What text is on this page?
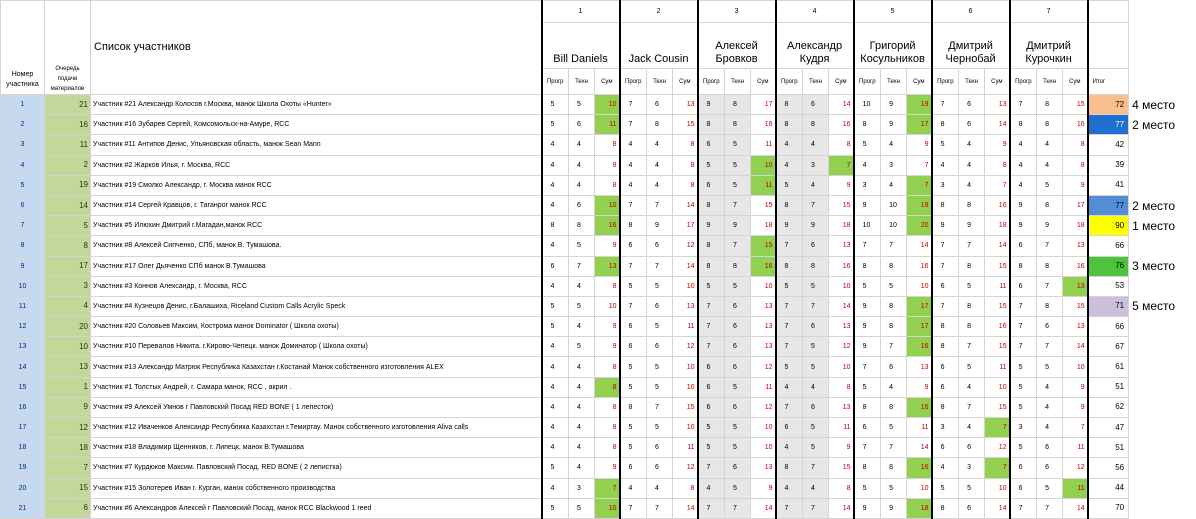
Номер участника	Очередь подачи материалов	Список участников	1			2			3			4			5			6			7				
			Bill Daniels			Jack Cousin			Алексей Бровков			Александр Кудря			Григорий Косульников			Дмитрий Чернобай			Дмитрий Курочкин				
			Прогр	Техн	Сум	Прогр	Техн	Сум	Прогр	Техн	Сум	Прогр	Техн	Сум	Прогр	Техн	Сум	Прогр	Техн	Сум	Прогр	Техн	Сум	Итог	
1	21	Участник #21 Александр Колосов г.Москва, манок Школа Охоты «Hunter»	5	5	10	7	6	13	9	8	17	8	6	14	10	9	19	7	6	13	7	8	15	72	4 место
2	16	Участник #16 Зубарев Сергей, Комсомольск-на-Амуре, RCC	5	6	11	7	8	15	8	8	16	8	8	16	8	9	17	8	6	14	8	8	16	77	2 место
3	11	Участник #11 Антипов Денис, Ульяновская область, манок Sean Mann	4	4	8	4	4	8	6	5	11	4	4	8	5	4	9	5	4	9	4	4	8	42	
4	2	Участник #2 Жарков Илья, г. Москва, RCC	4	4	8	4	4	8	5	5	10	4	3	7	4	3	7	4	4	8	4	4	8	39	
5	19	Участник #19 Смолко Александр, г. Москва манок RCC	4	4	8	4	4	8	6	5	11	5	4	9	3	4	7	3	4	7	4	5	9	41	
6	14	Участник #14 Сергей Кравцов, г. Таганрог манок RCC	4	6	10	7	7	14	8	7	15	8	7	15	9	10	19	8	8	16	9	8	17	77	2 место
7	5	Участник #5 Илюхин Дмитрий г.Магадан,манок RCC	8	8	16	8	9	17	9	9	18	9	9	18	10	10	20	9	9	18	9	9	18	90	1 место
8	8	Участник #8 Алексей Сипченко, СПб, манок В. Тумашова.	4	5	9	6	6	12	8	7	15	7	6	13	7	7	14	7	7	14	6	7	13	66	
9	17	Участник #17 Олег Дьяченко СПб манок В.Тумашова	6	7	13	7	7	14	8	8	16	8	8	16	8	8	16	7	8	15	8	8	16	76	3 место
10	3	Участник #3 Коннов Александр, г. Москва, RCC	4	4	8	5	5	10	5	5	10	5	5	10	5	5	10	6	5	11	6	7	13	53	
11	4	Участник #4 Кузнецов Денис, г.Балашиха, Riceland Custom Calls Acrylic Speck	5	5	10	7	6	13	7	6	13	7	7	14	9	8	17	7	8	15	7	8	15	71	5 место
12	20	Участник #20 Соловьев Максим, Кострома манок Dominator ( Школа охоты)	5	4	9	6	5	11	7	6	13	7	6	13	9	8	17	8	8	16	7	6	13	66	
13	10	Участник #10 Перевалов Никита. г.Кирово-Чепецк. манок Доминатор ( Школа охоты)	4	5	9	6	6	12	7	6	13	7	5	12	9	7	16	8	7	15	7	7	14	67	
14	13	Участник #13 Александр Матрюк Республика Казахстан г.Костанай Манок собственного изготовления ALEX	4	4	8	5	5	10	6	6	12	5	5	10	7	6	13	6	5	11	5	5	10	61	
15	1	Участник #1 Толстых Андрей, г. Самара манок, RCC , акрил .	4	4	8	5	5	10	6	5	11	4	4	8	5	4	9	6	4	10	5	4	9	51	
16	9	Участник #9 Алексей Умнов г Павловский Посад RED BONE ( 1 лепесток)	4	4	8	8	7	15	6	6	12	7	6	13	8	8	16	8	7	15	5	4	9	62	
17	12	Участник #12 Иваченков Александр Республика Казахстан г.Темиртау. Манок собственного изготовления Aliva calls	4	4	8	5	5	10	5	5	10	6	5	11	6	5	11	3	4	7	3	4	7	47	
18	18	Участник #18 Владимир Щенников, г. Липецк, манок В.Тумашова	4	4	8	5	6	11	5	5	10	4	5	9	7	7	14	6	6	12	5	6	11	51	
19	7	Участник #7 Курдюков Максим. Павловский Посад. RED BONE ( 2 лепистка)	5	4	9	6	6	12	7	6	13	8	7	15	8	8	16	4	3	7	6	6	12	56	
20	15	Участник #15 Золотерев Иван г. Курган, манок собственного производства	4	3	7	4	4	8	4	5	9	4	4	8	5	5	10	5	5	10	6	5	11	44	
21	6	Участник #6 Александров Алексей г Павловский Посад, манок RCC Blackwood 1 reed	5	5	10	7	7	14	7	7	14	7	7	14	9	9	18	8	6	14	7	7	14	70	
